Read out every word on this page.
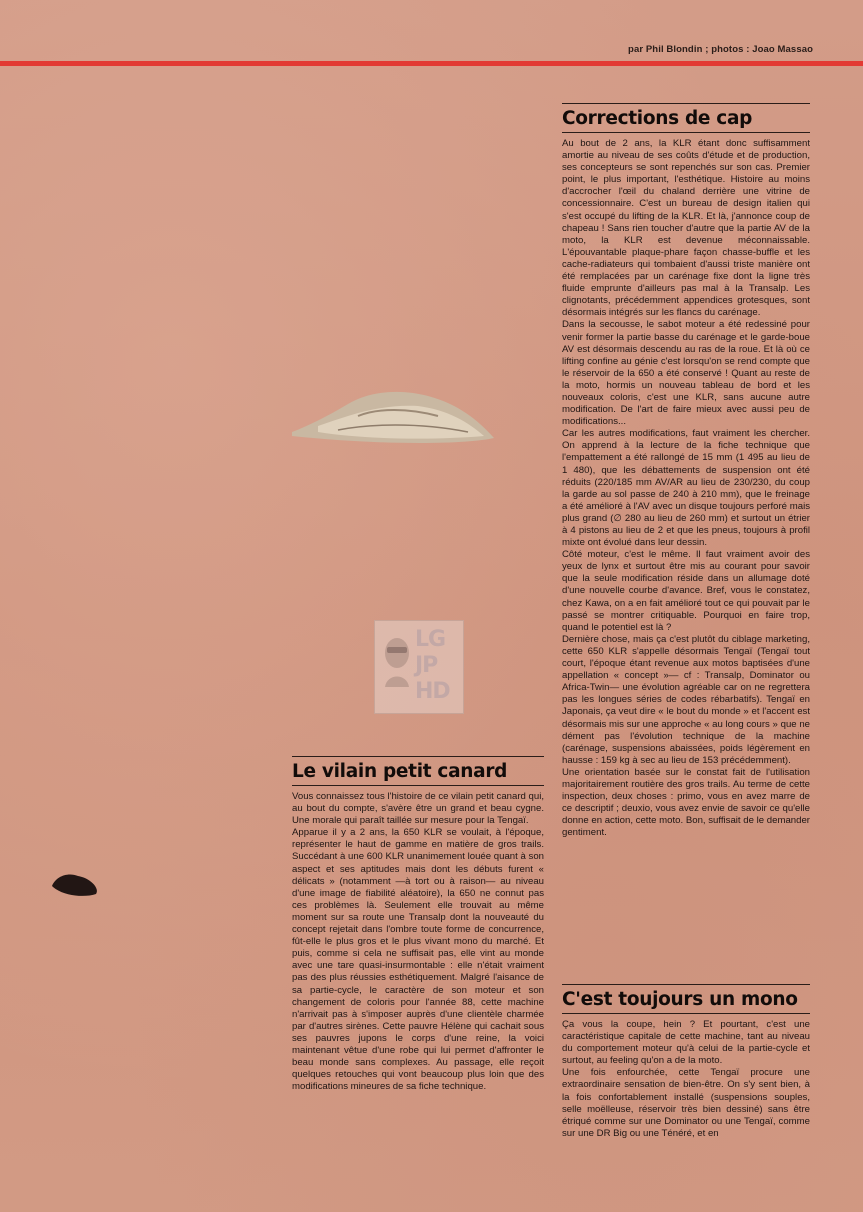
par Phil Blondin ; photos : Joao Massao
LG
JP
HD
Corrections de cap

Au bout de 2 ans, la KLR étant donc suffisamment amortie au niveau de ses coûts d'étude et de production, ses concepteurs se sont repenchés sur son cas. Premier point, le plus important, l'esthétique. Histoire au moins d'accrocher l'œil du chaland derrière une vitrine de concessionnaire. C'est un bureau de design italien qui s'est occupé du lifting de la KLR. Et là, j'annonce coup de chapeau ! Sans rien toucher d'autre que la partie AV de la moto, la KLR est devenue méconnaissable. L'épouvantable plaque-phare façon chasse-buffle et les cache-radiateurs qui tombaient d'aussi triste manière ont été remplacées par un carénage fixe dont la ligne très fluide emprunte d'ailleurs pas mal à la Transalp. Les clignotants, précédemment appendices grotesques, sont désormais intégrés sur les flancs du carénage.

Dans la secousse, le sabot moteur a été redessiné pour venir former la partie basse du carénage et le garde-boue AV est désormais descendu au ras de la roue. Et là où ce lifting confine au génie c'est lorsqu'on se rend compte que le réservoir de la 650 a été conservé ! Quant au reste de la moto, hormis un nouveau tableau de bord et les nouveaux coloris, c'est une KLR, sans aucune autre modification. De l'art de faire mieux avec aussi peu de modifications...

Car les autres modifications, faut vraiment les chercher. On apprend à la lecture de la fiche technique que l'empattement a été rallongé de 15 mm (1 495 au lieu de 1 480), que les débattements de suspension ont été réduits (220/185 mm AV/AR au lieu de 230/230, du coup la garde au sol passe de 240 à 210 mm), que le freinage a été amélioré à l'AV avec un disque toujours perforé mais plus grand (∅ 280 au lieu de 260 mm) et surtout un étrier à 4 pistons au lieu de 2 et que les pneus, toujours à profil mixte ont évolué dans leur dessin.

Côté moteur, c'est le même. Il faut vraiment avoir des yeux de lynx et surtout être mis au courant pour savoir que la seule modification réside dans un allumage doté d'une nouvelle courbe d'avance. Bref, vous le constatez, chez Kawa, on a en fait amélioré tout ce qui pouvait par le passé se montrer critiquable. Pourquoi en faire trop, quand le potentiel est là ?

Dernière chose, mais ça c'est plutôt du ciblage marketing, cette 650 KLR s'appelle désormais Tengaï (Tengaï tout court, l'époque étant revenue aux motos baptisées d'une appellation « concept »— cf : Transalp, Dominator ou Africa-Twin— une évolution agréable car on ne regrettera pas les longues séries de codes rébarbatifs). Tengaï en Japonais, ça veut dire « le bout du monde » et l'accent est désormais mis sur une approche « au long cours » que ne dément pas l'évolution technique de la machine (carénage, suspensions abaissées, poids légèrement en hausse : 159 kg à sec au lieu de 153 précédemment).

Une orientation basée sur le constat fait de l'utilisation majoritairement routière des gros trails. Au terme de cette inspection, deux choses : primo, vous en avez marre de ce descriptif ; deuxio, vous avez envie de savoir ce qu'elle donne en action, cette moto. Bon, suffisait de le demander gentiment.

Le vilain petit canard

Vous connaissez tous l'histoire de ce vilain petit canard qui, au bout du compte, s'avère être un grand et beau cygne. Une morale qui paraît taillée sur mesure pour la Tengaï.

Apparue il y a 2 ans, la 650 KLR se voulait, à l'époque, représenter le haut de gamme en matière de gros trails. Succédant à une 600 KLR unanimement louée quant à son aspect et ses aptitudes mais dont les débuts furent « délicats » (notamment —à tort ou à raison— au niveau d'une image de fiabilité aléatoire), la 650 ne connut pas ces problèmes là. Seulement elle trouvait au même moment sur sa route une Transalp dont la nouveauté du concept rejetait dans l'ombre toute forme de concurrence, fût-elle le plus gros et le plus vivant mono du marché. Et puis, comme si cela ne suffisait pas, elle vint au monde avec une tare quasi-insurmontable : elle n'était vraiment pas des plus réussies esthétiquement. Malgré l'aisance de sa partie-cycle, le caractère de son moteur et son changement de coloris pour l'année 88, cette machine n'arrivait pas à s'imposer auprès d'une clientèle charmée par d'autres sirènes. Cette pauvre Hélène qui cachait sous ses pauvres jupons le corps d'une reine, la voici maintenant vêtue d'une robe qui lui permet d'affronter le beau monde sans complexes. Au passage, elle reçoit quelques retouches qui vont beaucoup plus loin que des modifications mineures de sa fiche technique.

C'est toujours un mono

Ça vous la coupe, hein ? Et pourtant, c'est une caractéristique capitale de cette machine, tant au niveau du comportement moteur qu'à celui de la partie-cycle et surtout, au feeling qu'on a de la moto.

Une fois enfourchée, cette Tengaï procure une extraordinaire sensation de bien-être. On s'y sent bien, à la fois confortablement installé (suspensions souples, selle moëlleuse, réservoir très bien dessiné) sans être étriqué comme sur une Dominator ou une Tengaï, comme sur une DR Big ou une Ténéré, et en
